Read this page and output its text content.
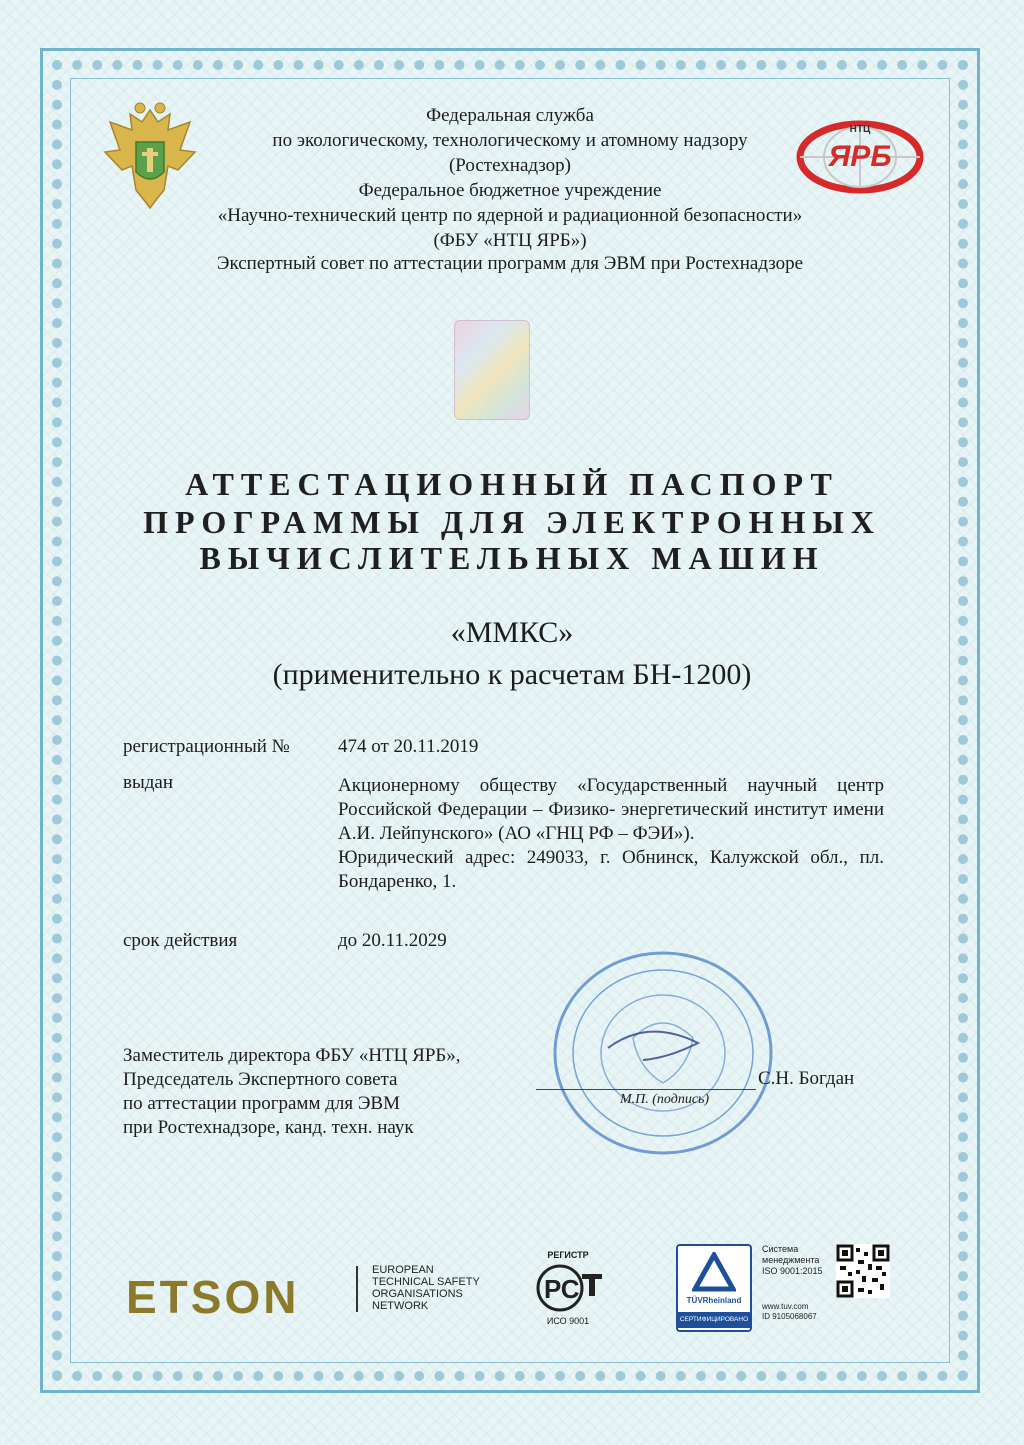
НТЦ
ЯРБ
Федеральная служба
по экологическому, технологическому и атомному надзору
(Ростехнадзор)
Федеральное бюджетное учреждение
«Научно-технический центр по ядерной и радиационной безопасности»
(ФБУ «НТЦ ЯРБ»)
Экспертный совет по аттестации программ для ЭВМ при Ростехнадзоре
АТТЕСТАЦИОННЫЙ ПАСПОРТ
ПРОГРАММЫ ДЛЯ ЭЛЕКТРОННЫХ
ВЫЧИСЛИТЕЛЬНЫХ МАШИН
«ММКС»
(применительно к расчетам БН-1200)
регистрационный №	474 от 20.11.2019
выдан	Акционерному обществу «Государственный научный центр Российской Федерации – Физико- энергетический институт имени А.И. Лейпунского» (АО «ГНЦ РФ – ФЭИ»).

Юридический адрес: 249033, г. Обнинск, Калужской обл., пл. Бондаренко, 1.

срок действия	до 20.11.2029
Заместитель директора ФБУ «НТЦ ЯРБ»,
Председатель Экспертного совета
по аттестации программ для ЭВМ
при Ростехнадзоре, канд. техн. наук
М.П. (подпись)
С.Н. Богдан
ETSON
EUROPEAN
TECHNICAL SAFETY
ORGANISATIONS
NETWORK
РЕГИСТР
РС
ИСО 9001
TÜVRheinland
СЕРТИФИЦИРОВАНО
Система
менеджмента
ISO 9001:2015
www.tuv.com
ID 9105068067
